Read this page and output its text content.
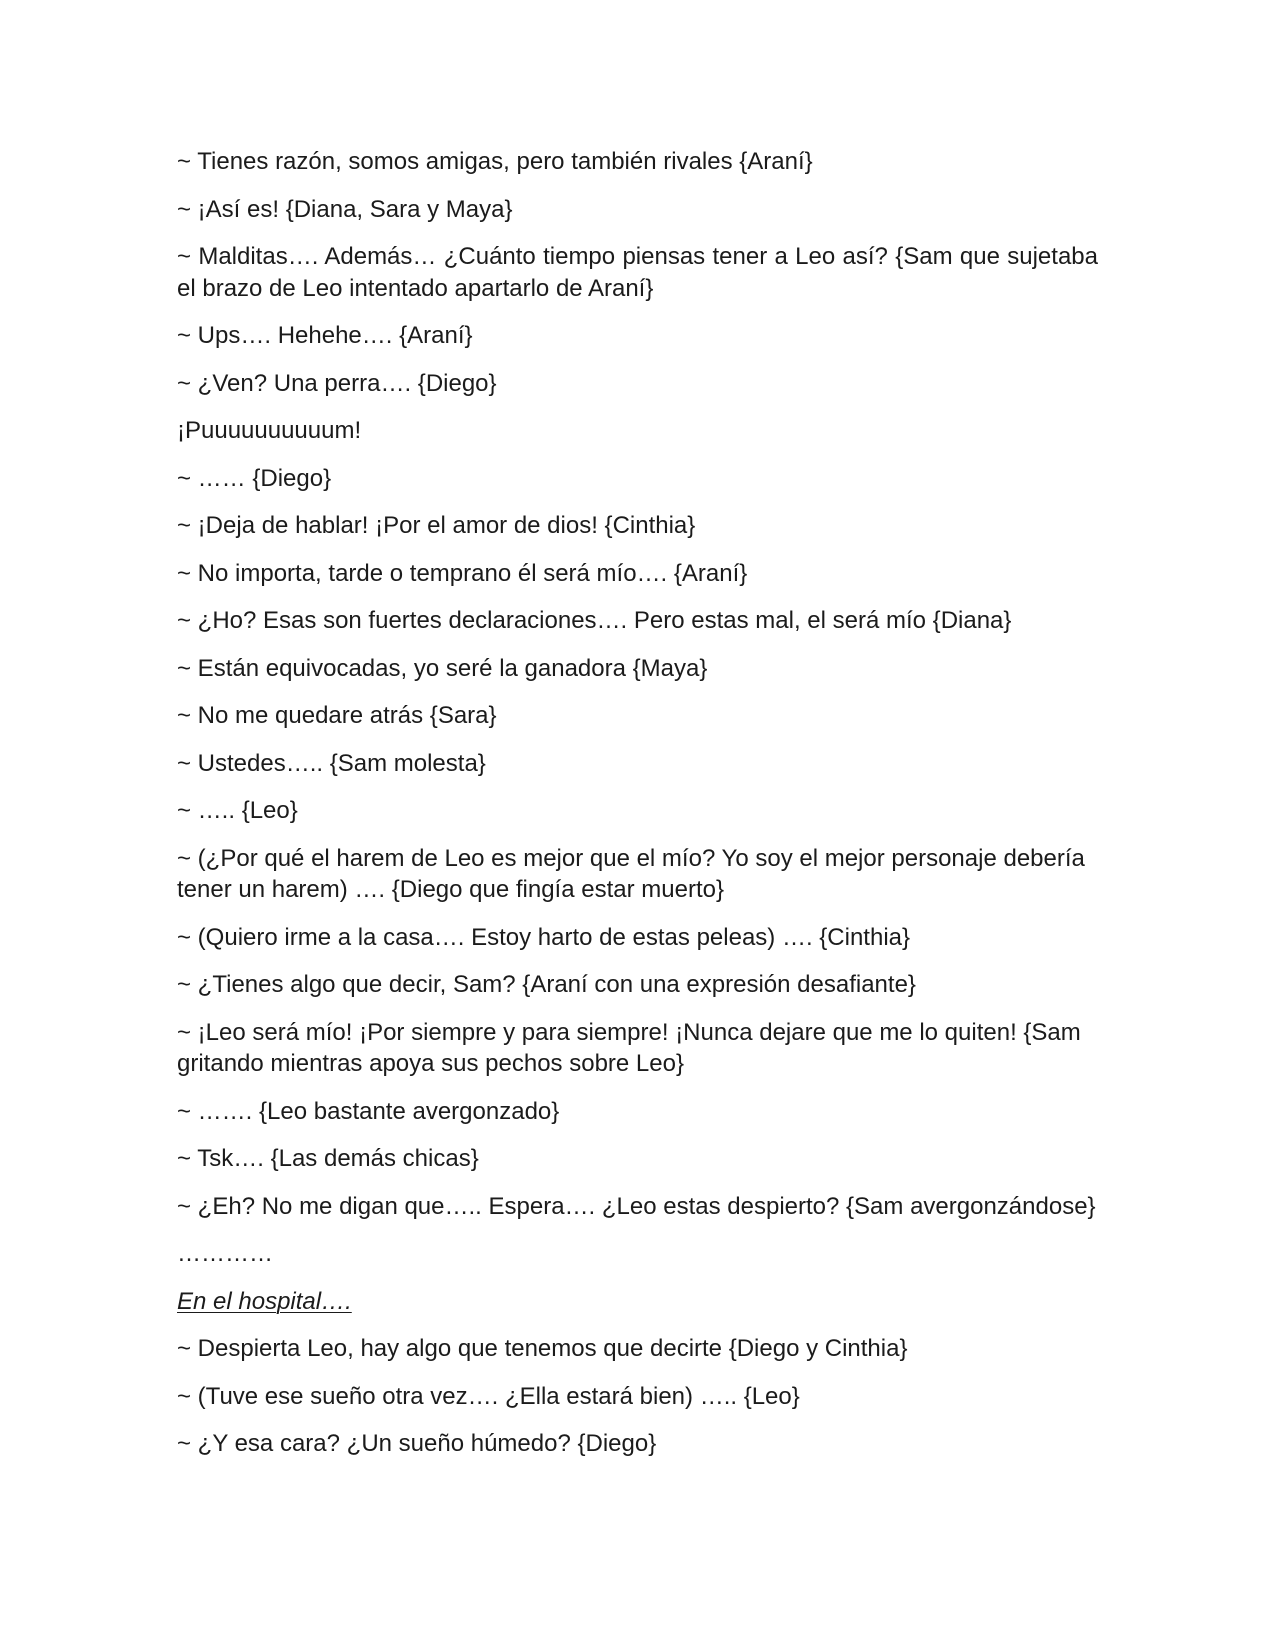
~ Tienes razón, somos amigas, pero también rivales {Araní}

~ ¡Así es! {Diana, Sara y Maya}

~ Malditas…. Además… ¿Cuánto tiempo piensas tener a Leo así? {Sam que sujetaba el brazo de Leo intentado apartarlo de Araní}

~ Ups…. Hehehe…. {Araní}

~ ¿Ven? Una perra…. {Diego}

¡Puuuuuuuuuum!

~ …… {Diego}

~ ¡Deja de hablar! ¡Por el amor de dios! {Cinthia}

~ No importa, tarde o temprano él será mío…. {Araní}

~ ¿Ho? Esas son fuertes declaraciones…. Pero estas mal, el será mío {Diana}

~ Están equivocadas, yo seré la ganadora {Maya}

~ No me quedare atrás {Sara}

~ Ustedes….. {Sam molesta}

~ ….. {Leo}

~ (¿Por qué el harem de Leo es mejor que el mío? Yo soy el mejor personaje debería tener un harem) …. {Diego que fingía estar muerto}

~ (Quiero irme a la casa…. Estoy harto de estas peleas) …. {Cinthia}

~ ¿Tienes algo que decir, Sam? {Araní con una expresión desafiante}

~ ¡Leo será mío! ¡Por siempre y para siempre! ¡Nunca dejare que me lo quiten! {Sam gritando mientras apoya sus pechos sobre Leo}

~ ……. {Leo bastante avergonzado}

~ Tsk…. {Las demás chicas}

~ ¿Eh? No me digan que….. Espera…. ¿Leo estas despierto? {Sam avergonzándose}

…………

En el hospital….

~ Despierta Leo, hay algo que tenemos que decirte {Diego y Cinthia}

~ (Tuve ese sueño otra vez…. ¿Ella estará bien) ….. {Leo}

~ ¿Y esa cara? ¿Un sueño húmedo? {Diego}
